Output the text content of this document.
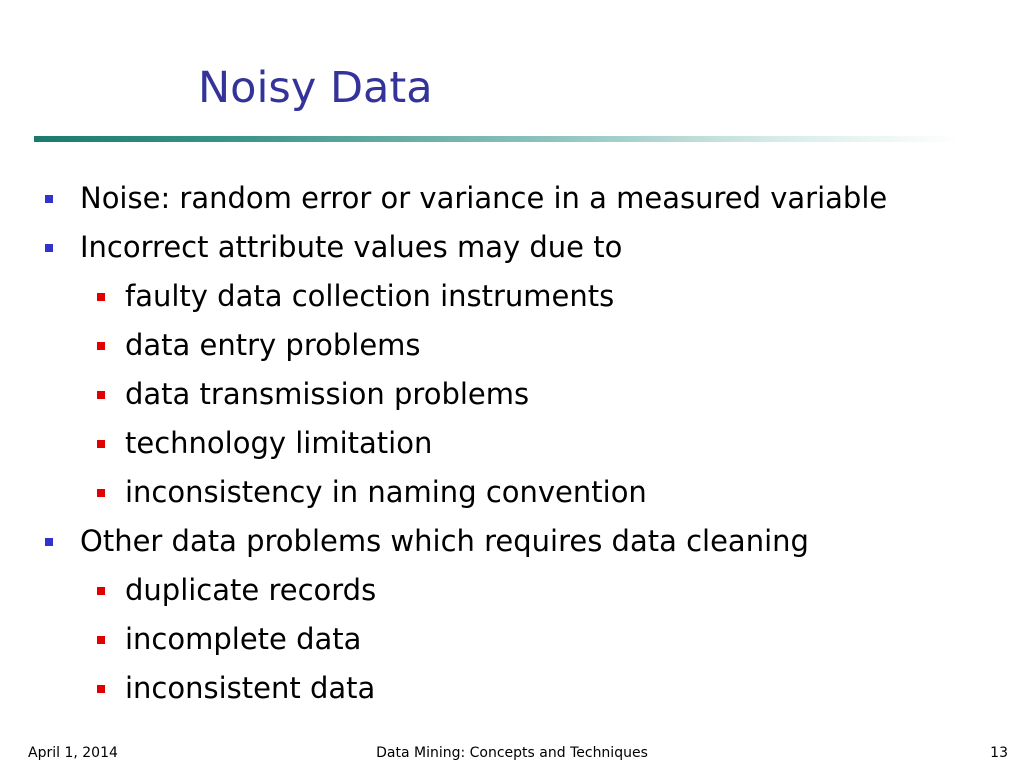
Noisy Data
Noise: random error or variance in a measured variable
Incorrect attribute values may due to
faulty data collection instruments
data entry problems
data transmission problems
technology limitation
inconsistency in naming convention
Other data problems which requires data cleaning
duplicate records
incomplete data
inconsistent data
April 1, 2014	Data Mining: Concepts and Techniques	13
